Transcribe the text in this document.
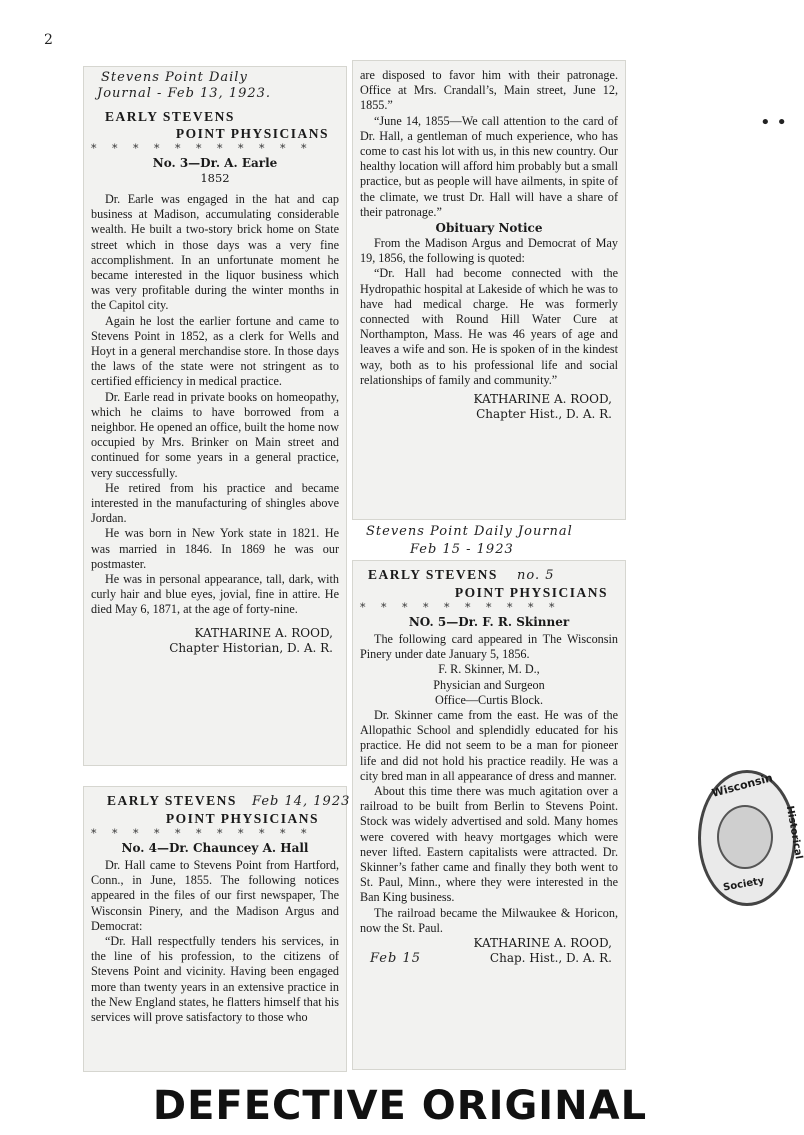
2
• •
Stevens Point Daily
Journal - Feb 13, 1923.
EARLY STEVENS
POINT PHYSICIANS
* * * * * * * * * * *
No. 3—Dr. A. Earle
1852

Dr. Earle was engaged in the hat and cap business at Madison, accumulating considerable wealth. He built a two-story brick home on State street which in those days was a very fine accomplishment. In an unfortunate moment he became interested in the liquor business which was very profitable during the winter months in the Capitol city.

Again he lost the earlier fortune and came to Stevens Point in 1852, as a clerk for Wells and Hoyt in a general merchandise store. In those days the laws of the state were not stringent as to certified efficiency in medical practice.

Dr. Earle read in private books on homeopathy, which he claims to have borrowed from a neighbor. He opened an office, built the home now occupied by Mrs. Brinker on Main street and continued for some years in a general practice, very successfully.

He retired from his practice and became interested in the manufacturing of shingles above Jordan.

He was born in New York state in 1821. He was married in 1846. In 1869 he was our postmaster.

He was in personal appearance, tall, dark, with curly hair and blue eyes, jovial, fine in attire. He died May 6, 1871, at the age of forty-nine.

KATHARINE A. ROOD,
Chapter Historian, D. A. R.
EARLY STEVENS Feb 14, 1923
POINT PHYSICIANS
* * * * * * * * * * *
No. 4—Dr. Chauncey A. Hall

Dr. Hall came to Stevens Point from Hartford, Conn., in June, 1855. The following notices appeared in the files of our first newspaper, The Wisconsin Pinery, and the Madison Argus and Democrat:

“Dr. Hall respectfully tenders his services, in the line of his profession, to the citizens of Stevens Point and vicinity. Having been engaged more than twenty years in an extensive practice in the New England states, he flatters himself that his services will prove satisfactory to those who

are disposed to favor him with their patronage. Office at Mrs. Crandall’s, Main street, June 12, 1855.”

“June 14, 1855—We call attention to the card of Dr. Hall, a gentleman of much experience, who has come to cast his lot with us, in this new country. Our healthy location will afford him probably but a small practice, but as people will have ailments, in spite of the climate, we trust Dr. Hall will have a share of their patronage.”

Obituary Notice

From the Madison Argus and Democrat of May 19, 1856, the following is quoted:

“Dr. Hall had become connected with the Hydropathic hospital at Lakeside of which he was to have had medical charge. He was formerly connected with Round Hill Water Cure at Northampton, Mass. He was 46 years of age and leaves a wife and son. He is spoken of in the kindest way, both as to his professional life and social relationships of family and community.”

KATHARINE A. ROOD,
Chapter Hist., D. A. R.
Stevens Point Daily Journal
Feb 15 - 1923
EARLY STEVENS no. 5
POINT PHYSICIANS
* * * * * * * * * *
NO. 5—Dr. F. R. Skinner

The following card appeared in The Wisconsin Pinery under date January 5, 1856.

F. R. Skinner, M. D.,
Physician and Surgeon
Office—Curtis Block.

Dr. Skinner came from the east. He was of the Allopathic School and splendidly educated for his practice. He did not seem to be a man for pioneer life and did not hold his practice readily. He was a city bred man in all appearance of dress and manner.

About this time there was much agitation over a railroad to be built from Berlin to Stevens Point. Stock was widely advertised and sold. Many homes were covered with heavy mortgages which were never lifted. Eastern capitalists were attracted. Dr. Skinner’s father came and finally they both went to St. Paul, Minn., where they were interested in the Ban King business.

The railroad became the Milwaukee & Horicon, now the St. Paul.

KATHARINE A. ROOD,
Feb 15	Chap. Hist., D. A. R.
Wisconsin
Historical
Society
DEFECTIVE ORIGINAL
